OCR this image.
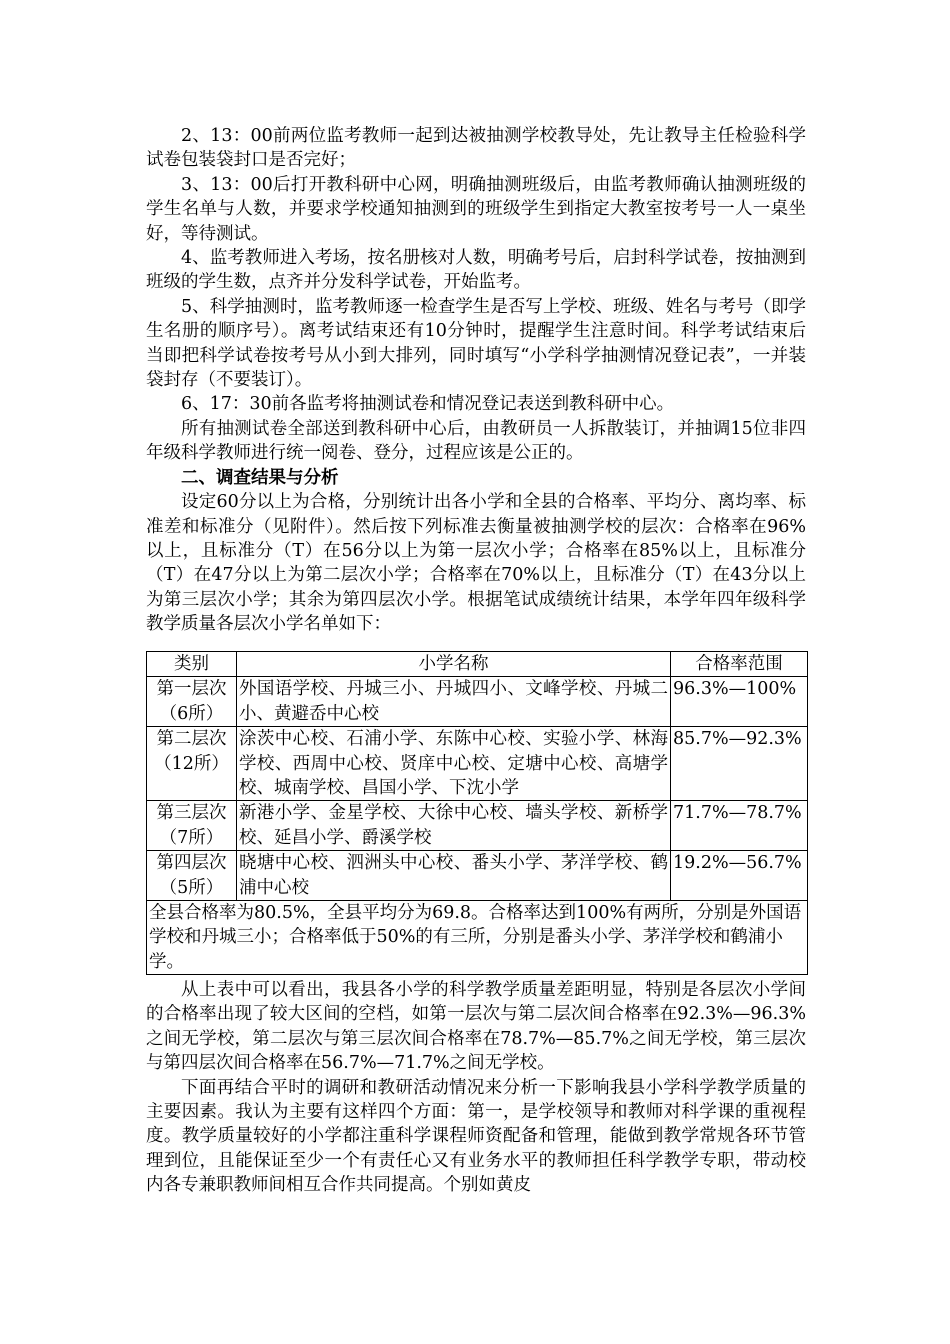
2、13：00前两位监考教师一起到达被抽测学校教导处，先让教导主任检验科学试卷包装袋封口是否完好；

3、13：00后打开教科研中心网，明确抽测班级后，由监考教师确认抽测班级的学生名单与人数，并要求学校通知抽测到的班级学生到指定大教室按考号一人一桌坐好，等待测试。

4、监考教师进入考场，按名册核对人数，明确考号后，启封科学试卷，按抽测到班级的学生数，点齐并分发科学试卷，开始监考。

5、科学抽测时，监考教师逐一检查学生是否写上学校、班级、姓名与考号（即学生名册的顺序号）。离考试结束还有10分钟时，提醒学生注意时间。科学考试结束后当即把科学试卷按考号从小到大排列，同时填写“小学科学抽测情况登记表”，一并装袋封存（不要装订）。

6、17：30前各监考将抽测试卷和情况登记表送到教科研中心。

所有抽测试卷全部送到教科研中心后，由教研员一人拆散装订，并抽调15位非四年级科学教师进行统一阅卷、登分，过程应该是公正的。

二、调查结果与分析

设定60分以上为合格，分别统计出各小学和全县的合格率、平均分、离均率、标准差和标准分（见附件）。然后按下列标准去衡量被抽测学校的层次：合格率在96%以上，且标准分（T）在56分以上为第一层次小学；合格率在85%以上，且标准分（T）在47分以上为第二层次小学；合格率在70%以上，且标准分（T）在43分以上为第三层次小学；其余为第四层次小学。根据笔试成绩统计结果，本学年四年级科学教学质量各层次小学名单如下：

类别	小学名称	合格率范围

第一层次
（6所）	外国语学校、丹城三小、丹城四小、文峰学校、丹城二小、黄避岙中心校	96.3%—100%

第二层次
（12所）	涂茨中心校、石浦小学、东陈中心校、实验小学、林海学校、西周中心校、贤庠中心校、定塘中心校、高塘学校、城南学校、昌国小学、下沈小学	85.7%—92.3%

第三层次
（7所）	新港小学、金星学校、大徐中心校、墙头学校、新桥学校、延昌小学、爵溪学校	71.7%—78.7%

第四层次
（5所）	晓塘中心校、泗洲头中心校、番头小学、茅洋学校、鹤浦中心校	19.2%—56.7%
全县合格率为80.5%，全县平均分为69.8。合格率达到100%有两所，分别是外国语学校和丹城三小；合格率低于50%的有三所，分别是番头小学、茅洋学校和鹤浦小学。		

从上表中可以看出，我县各小学的科学教学质量差距明显，特别是各层次小学间的合格率出现了较大区间的空档，如第一层次与第二层次间合格率在92.3%—96.3%之间无学校，第二层次与第三层次间合格率在78.7%—85.7%之间无学校，第三层次与第四层次间合格率在56.7%—71.7%之间无学校。

下面再结合平时的调研和教研活动情况来分析一下影响我县小学科学教学质量的主要因素。我认为主要有这样四个方面：第一，是学校领导和教师对科学课的重视程度。教学质量较好的小学都注重科学课程师资配备和管理，能做到教学常规各环节管理到位，且能保证至少一个有责任心又有业务水平的教师担任科学教学专职，带动校内各专兼职教师间相互合作共同提高。个别如黄皮
